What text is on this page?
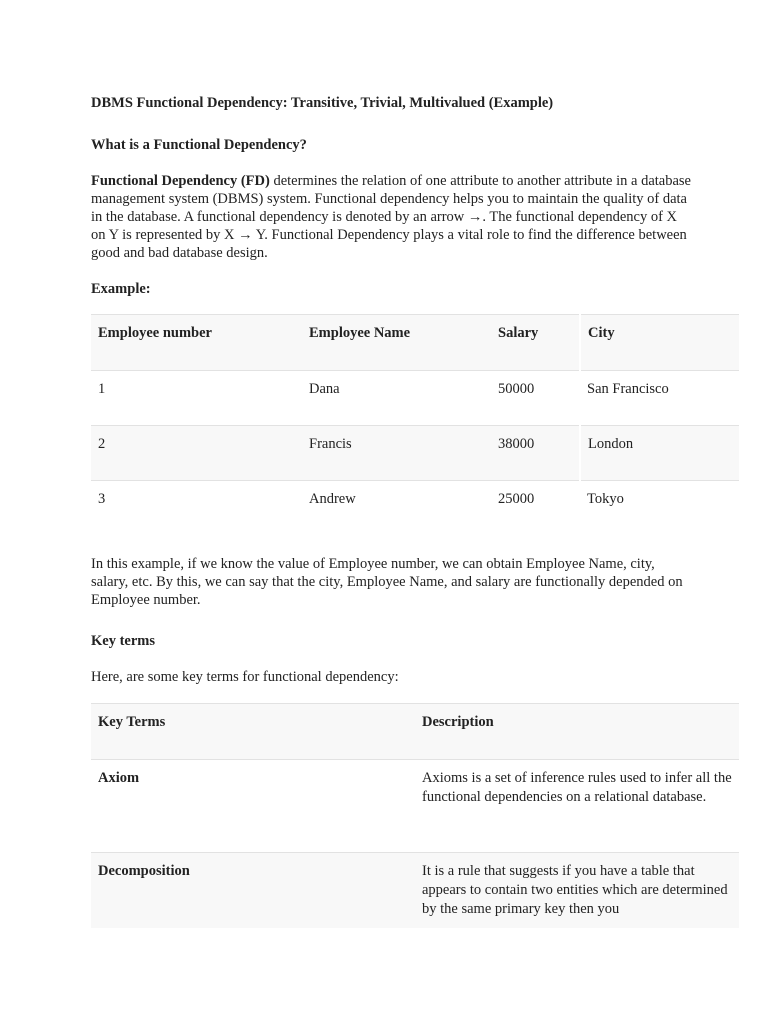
DBMS Functional Dependency: Transitive, Trivial, Multivalued (Example)
What is a Functional Dependency?
Functional Dependency (FD) determines the relation of one attribute to another attribute in a database management system (DBMS) system. Functional dependency helps you to maintain the quality of data in the database. A functional dependency is denoted by an arrow →. The functional dependency of X on Y is represented by X → Y. Functional Dependency plays a vital role to find the difference between good and bad database design.
Example:
Employee number	Employee Name	Salary	City
1	Dana	50000	San Francisco
2	Francis	38000	London
3	Andrew	25000	Tokyo
In this example, if we know the value of Employee number, we can obtain Employee Name, city, salary, etc. By this, we can say that the city, Employee Name, and salary are functionally depended on Employee number.
Key terms
Here, are some key terms for functional dependency:
Key Terms	Description
Axiom	Axioms is a set of inference rules used to infer all the functional dependencies on a relational database.
Decomposition	It is a rule that suggests if you have a table that appears to contain two entities which are determined by the same primary key then you
